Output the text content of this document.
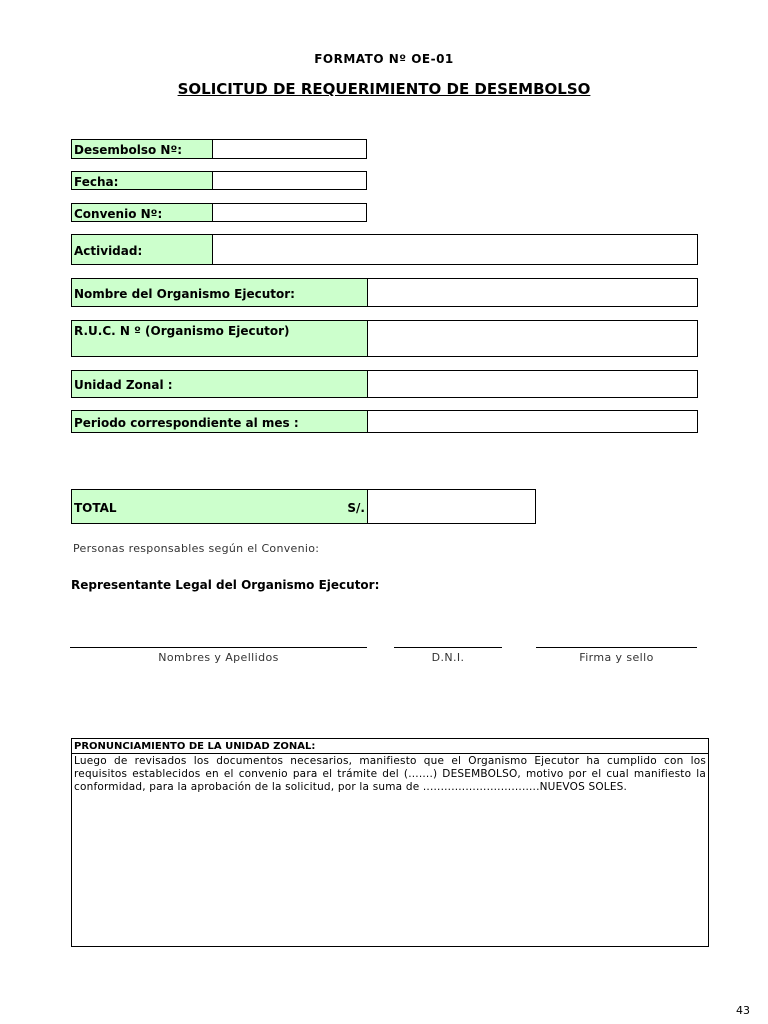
FORMATO Nº OE-01
SOLICITUD DE REQUERIMIENTO DE DESEMBOLSO
Desembolso Nº:
Fecha:
Convenio Nº:
Actividad:
Nombre del Organismo Ejecutor:
R.U.C. N º (Organismo Ejecutor)
Unidad Zonal :
Periodo correspondiente al mes :
TOTAL	S/.
Personas responsables según el Convenio:
Representante Legal del Organismo Ejecutor:
Nombres y Apellidos	D.N.I.	Firma y sello
PRONUNCIAMIENTO DE LA UNIDAD ZONAL:
Luego de revisados los documentos necesarios, manifiesto que el Organismo Ejecutor ha cumplido con los requisitos establecidos en el convenio para el trámite del (.......) DESEMBOLSO, motivo por el cual manifiesto la conformidad, para la aprobación de la solicitud, por la suma de .................................NUEVOS SOLES.
43
